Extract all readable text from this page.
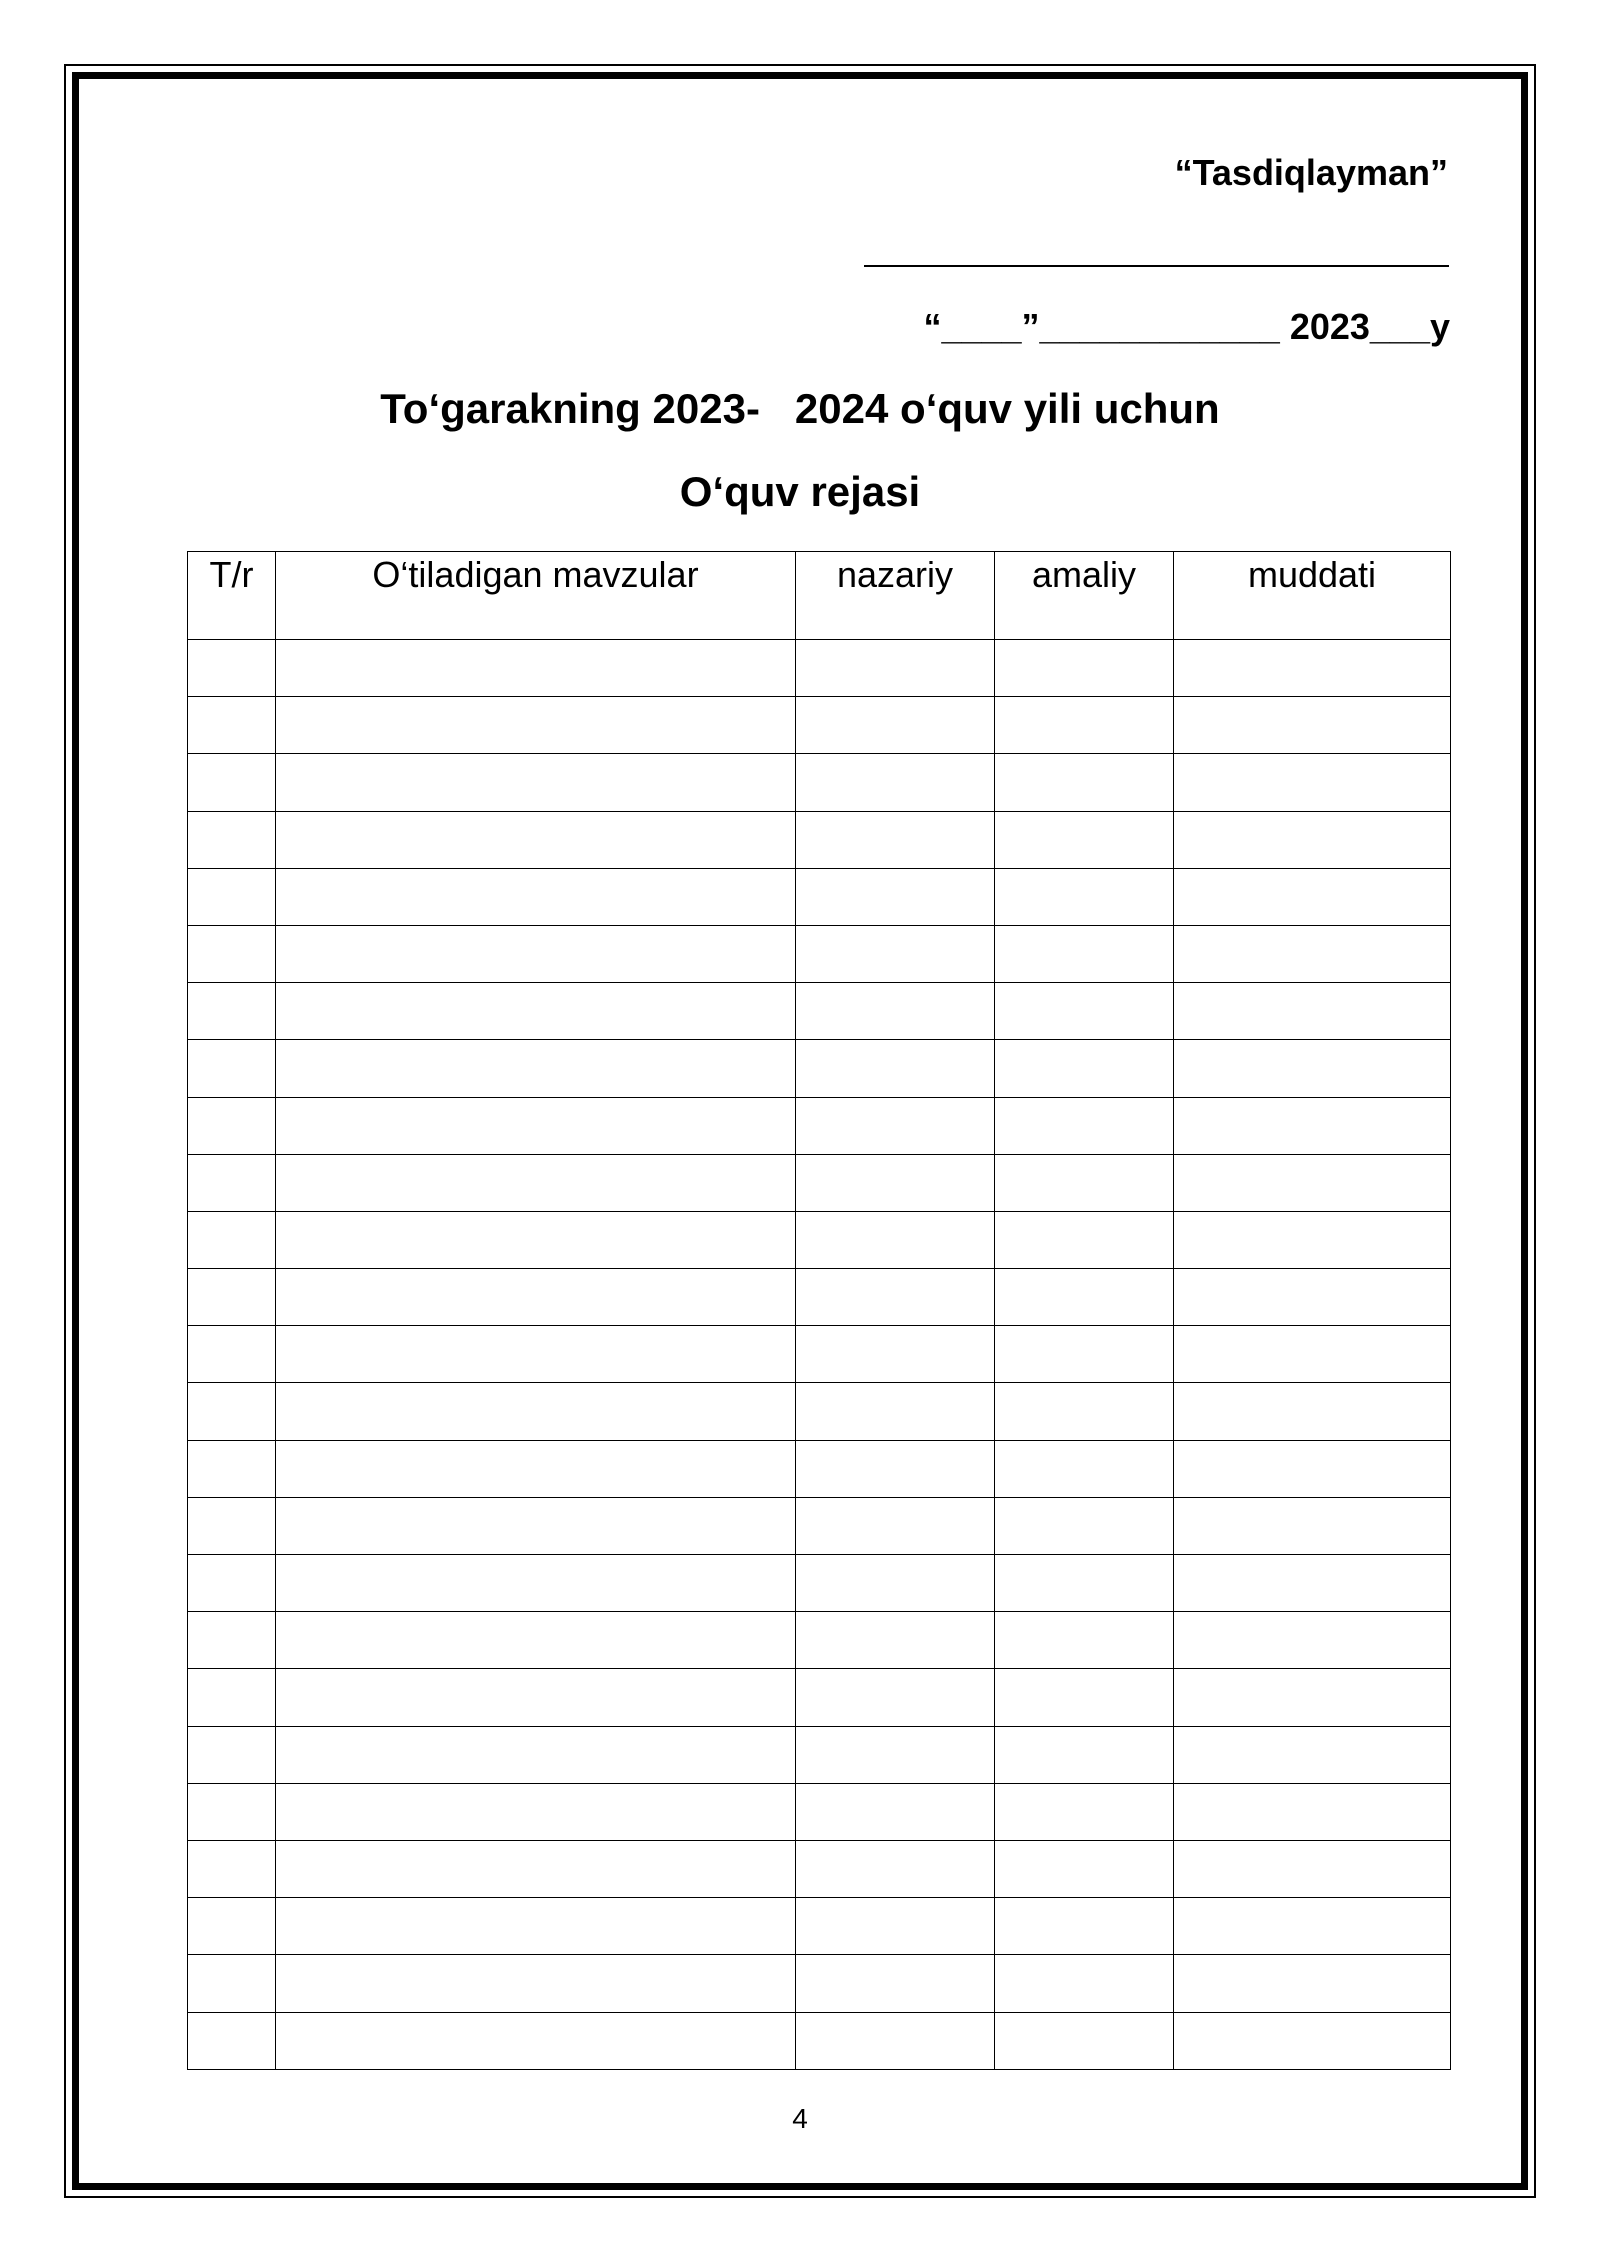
“Tasdiqlayman”
“____”____________ 2023___y
To‘garakning 2023-   2024 o‘quv yili uchun
O‘quv rejasi
T/r	O‘tiladigan mavzular	nazariy	amaliy	muddati

4
